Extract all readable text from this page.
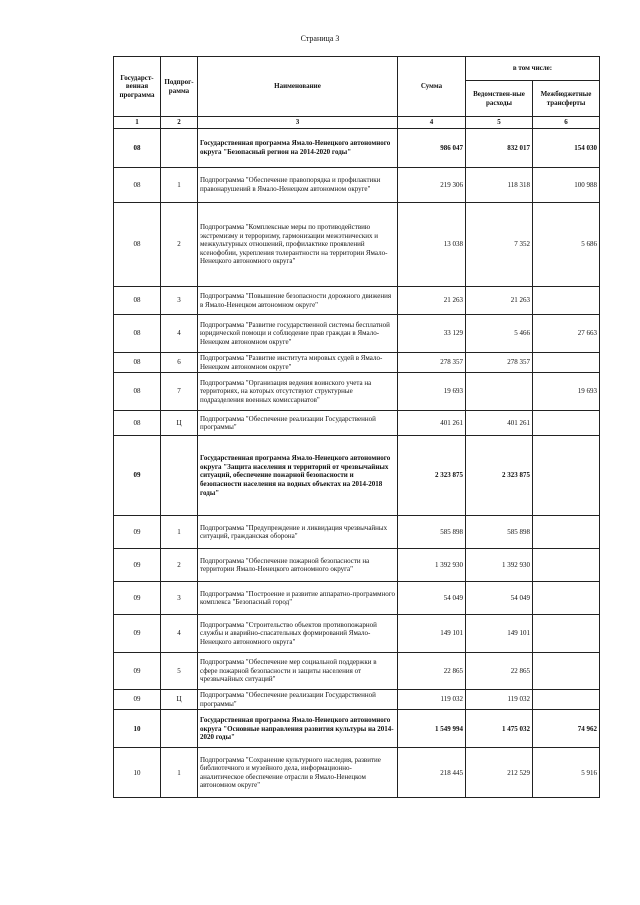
Страница 3
Государст-венная программа	Подпрог-рамма	Наименование	Сумма	в том числе:	
				Ведомствен-ные расходы	Межбюджетные трансферты
1	2	3	4	5	6
08		Государственная программа Ямало-Ненецкого автономного округа "Безопасный регион на 2014-2020 годы"	986 047	832 017	154 030
08	1	Подпрограмма "Обеспечение правопорядка и профилактики правонарушений в Ямало-Ненецком автономном округе"	219 306	118 318	100 988
08	2	Подпрограмма "Комплексные меры по противодействию экстремизму и терроризму, гармонизации межэтнических и межкультурных отношений, профилактике проявлений ксенофобии, укрепления толерантности на территории Ямало-Ненецкого автономного округа"	13 038	7 352	5 686
08	3	Подпрограмма "Повышение безопасности дорожного движения в Ямало-Ненецком автономном округе"	21 263	21 263	
08	4	Подпрограмма "Развитие государственной системы бесплатной юридической помощи и соблюдение прав граждан в Ямало-Ненецком автономном округе"	33 129	5 466	27 663
08	6	Подпрограмма "Развитие института мировых судей в Ямало-Ненецком автономном округе"	278 357	278 357	
08	7	Подпрограмма "Организация ведения воинского учета на территориях, на которых отсутствуют структурные подразделения военных комиссариатов"	19 693		19 693
08	Ц	Подпрограмма "Обеспечение реализации Государственной программы"	401 261	401 261	
09		Государственная программа Ямало-Ненецкого автономного округа "Защита населения и территорий от чрезвычайных ситуаций, обеспечение пожарной безопасности и безопасности населения на водных объектах на 2014-2018 годы"	2 323 875	2 323 875	
09	1	Подпрограмма "Предупреждение и ликвидация чрезвычайных ситуаций, гражданская оборона"	585 898	585 898	
09	2	Подпрограмма "Обеспечение пожарной безопасности на территории Ямало-Ненецкого автономного округа"	1 392 930	1 392 930	
09	3	Подпрограмма "Построение и развитие аппаратно-программного комплекса "Безопасный город"	54 049	54 049	
09	4	Подпрограмма "Строительство объектов противопожарной службы и аварийно-спасательных формирований Ямало-Ненецкого автономного округа"	149 101	149 101	
09	5	Подпрограмма "Обеспечение мер социальной поддержки в сфере пожарной безопасности и защиты населения от чрезвычайных ситуаций"	22 865	22 865	
09	Ц	Подпрограмма "Обеспечение реализации Государственной программы"	119 032	119 032	
10		Государственная программа Ямало-Ненецкого автономного округа "Основные направления развития культуры на 2014-2020 годы"	1 549 994	1 475 032	74 962
10	1	Подпрограмма "Сохранение культурного наследия, развитие библиотечного и музейного дела, информационно-аналитическое обеспечение отрасли в Ямало-Ненецком автономном округе"	218 445	212 529	5 916
